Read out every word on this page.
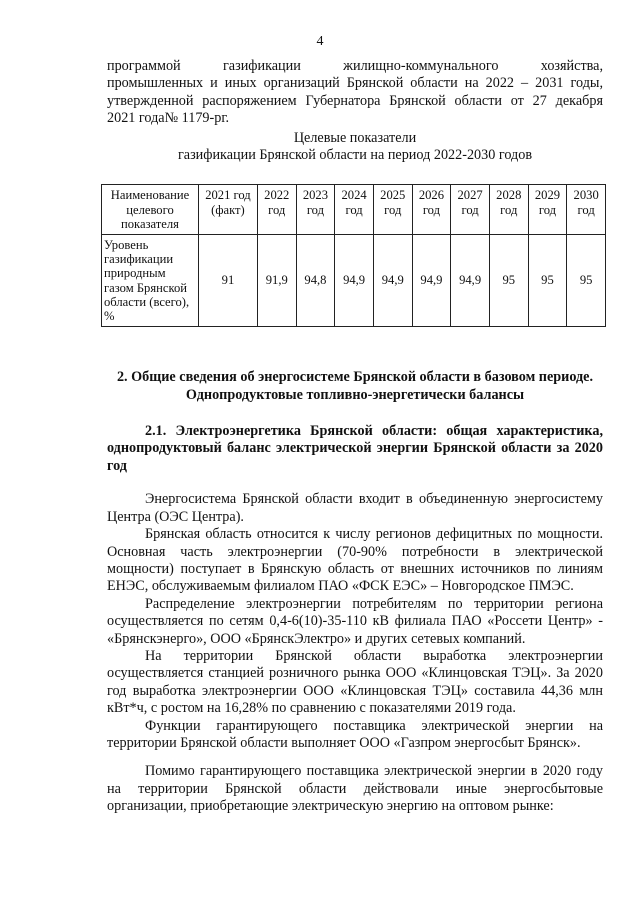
4

программой газификации жилищно-коммунального хозяйства,

промышленных и иных организаций Брянской области на 2022 – 2031 годы,

утвержденной распоряжением Губернатора Брянской области от 27 декабря

2021 года№ 1179-рг.

Целевые показатели

газификации Брянской области на период 2022-2030 годов

Наименование целевого показателя	2021 год (факт)	2022 год	2023 год	2024 год	2025 год	2026 год	2027 год	2028 год	2029 год	2030 год
Уровень газификации природным газом Брянской области (всего), %	91	91,9	94,8	94,9	94,9	94,9	94,9	95	95	95

2. Общие сведения об энергосистеме Брянской области в базовом периоде. Однопродуктовые топливно-энергетически балансы

2.1. Электроэнергетика Брянской области: общая характеристика, однопродуктовый баланс электрической энергии Брянской области за 2020 год

Энергосистема Брянской области входит в объединенную энергосистему Центра (ОЭС Центра).

Брянская область относится к числу регионов дефицитных по мощности. Основная часть электроэнергии (70-90% потребности в электрической мощности) поступает в Брянскую область от внешних источников по линиям ЕНЭС, обслуживаемым филиалом ПАО «ФСК ЕЭС» – Новгородское ПМЭС.

Распределение электроэнергии потребителям по территории региона осуществляется по сетям 0,4-6(10)-35-110 кВ филиала ПАО «Россети Центр» - «Брянскэнерго», ООО «БрянскЭлектро» и других сетевых компаний.

На территории Брянской области выработка электроэнергии осуществляется станцией розничного рынка ООО «Клинцовская ТЭЦ». За 2020 год выработка электроэнергии ООО «Клинцовская ТЭЦ» составила 44,36 млн кВт*ч, с ростом на 16,28% по сравнению с показателями 2019 года.

Функции гарантирующего поставщика электрической энергии на территории Брянской области выполняет ООО «Газпром энергосбыт Брянск».

Помимо гарантирующего поставщика электрической энергии в 2020 году на территории Брянской области действовали иные энергосбытовые организации, приобретающие электрическую энергию на оптовом рынке:
